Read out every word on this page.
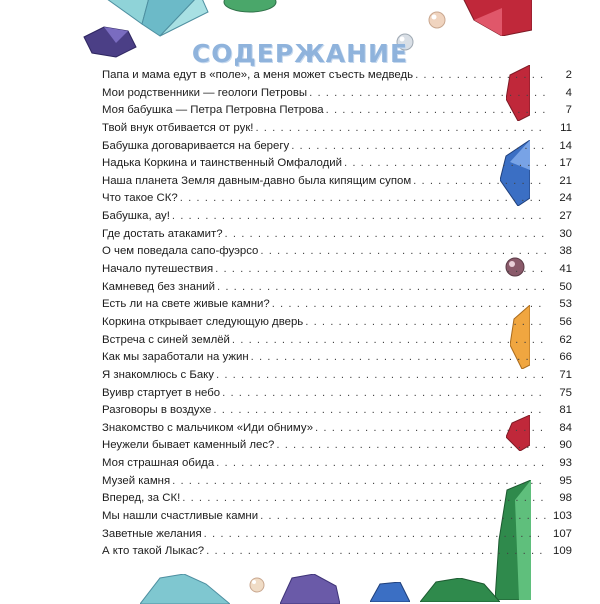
СОДЕРЖАНИЕ
Папа и мама едут в «поле», а меня может съесть медведь . . .	2
Мои родственники — геологи Петровы . . .	4
Моя бабушка — Петра Петровна Петрова . . .	7
Твой внук отбивается от рук! . . .	11
Бабушка договаривается на берегу . . .	14
Надька Коркина и таинственный Омфалодий . . .	17
Наша планета Земля давным-давно была кипящим супом . . .	21
Что такое СК? . . .	24
Бабушка, ау! . . .	27
Где достать атакамит? . . .	30
О чем поведала сапо-фуэрсо . . .	38
Начало путешествия . . .	41
Камневед без знаний . . .	50
Есть ли на свете живые камни? . . .	53
Коркина открывает следующую дверь . . .	56
Встреча с синей землёй . . .	62
Как мы заработали на ужин . . .	66
Я знакомлюсь с Баку . . .	71
Вуивр стартует в небо . . .	75
Разговоры в воздухе . . .	81
Знакомство с мальчиком «Иди обниму» . . .	84
Неужели бывает каменный лес? . . .	90
Моя страшная обида . . .	93
Музей камня . . .	95
Вперед, за СК! . . .	98
Мы нашли счастливые камни . . .	103
Заветные желания . . .	107
А кто такой Лыкас? . . .	109
